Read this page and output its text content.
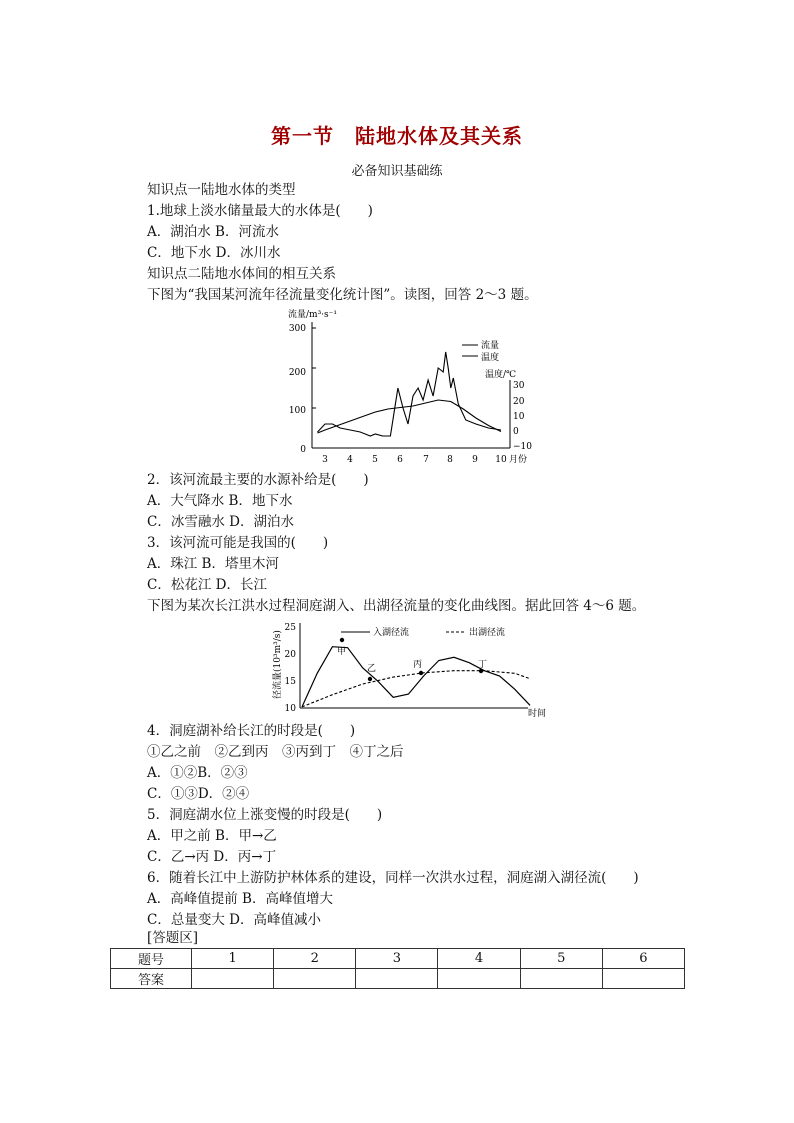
第一节　陆地水体及其关系
必备知识基础练
知识点一陆地水体的类型
1.地球上淡水储量最大的水体是(　　)
A．湖泊水 B．河流水
C．地下水 D．冰川水
知识点二陆地水体间的相互关系
下图为“我国某河流年径流量变化统计图”。读图，回答 2～3 题。
流量/m³·s⁻¹
300
200
100
0
温度/℃
30
20
10
0
−10
3 4 5 6 7 8 9 10 月份
流量
温度
2．该河流最主要的水源补给是(　　)
A．大气降水 B．地下水
C．冰雪融水 D．湖泊水
3．该河流可能是我国的(　　)
A．珠江 B．塔里木河
C．松花江 D．长江
下图为某次长江洪水过程洞庭湖入、出湖径流量的变化曲线图。据此回答 4～6 题。
径流量(10³m³/s)
25
20
15
10	时间
入湖径流	出湖径流
甲
乙	丙	丁
4．洞庭湖补给长江的时段是(　　)
①乙之前　②乙到丙　③丙到丁　④丁之后
A．①②B．②③
C．①③D．②④
5．洞庭湖水位上涨变慢的时段是(　　)
A．甲之前 B．甲→乙
C．乙→丙 D．丙→丁
6．随着长江中上游防护林体系的建设，同样一次洪水过程，洞庭湖入湖径流(　　)
A．高峰值提前 B．高峰值增大
C．总量变大 D．高峰值减小
[答题区]
题号	1	2	3	4	5	6
答案						
